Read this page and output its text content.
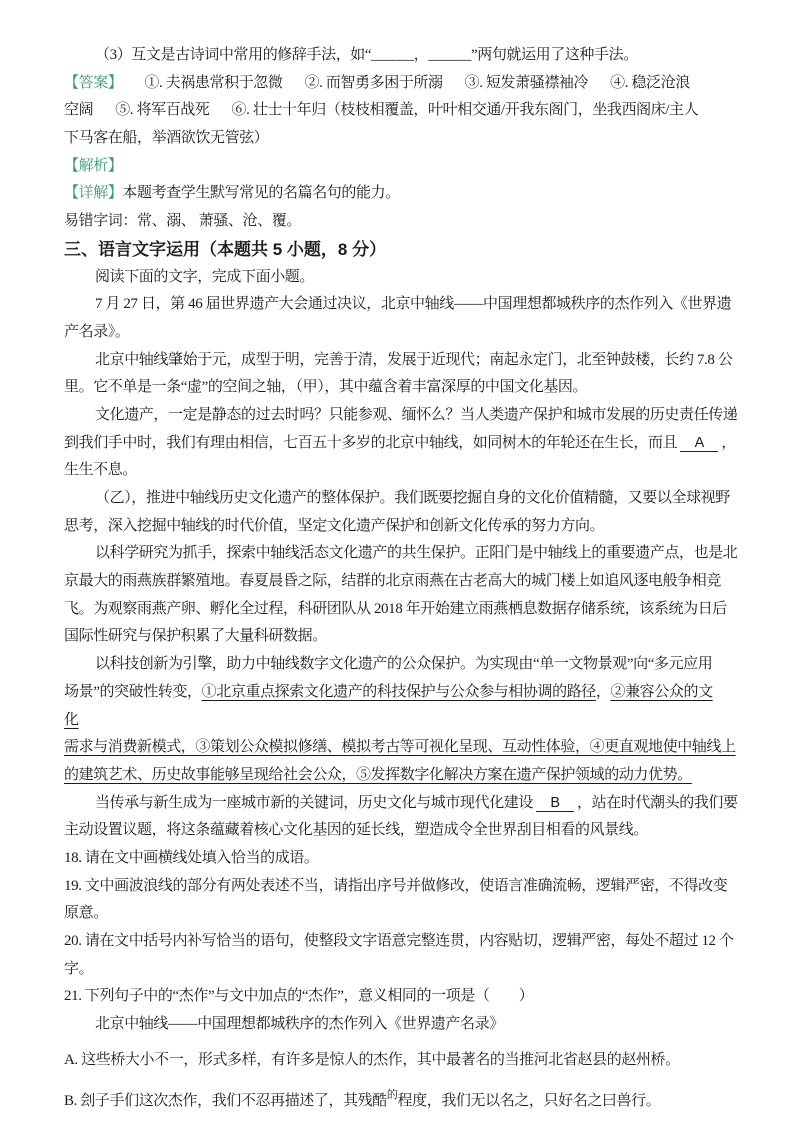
（3）互文是古诗词中常用的修辞手法，如“______，______”两句就运用了这种手法。
【答案】 ①. 夫祸患常积于忽微 ②. 而智勇多困于所溺 ③. 短发萧骚襟袖冷 ④. 稳泛沧浪
空阔 ⑤. 将军百战死 ⑥. 壮士十年归（枝枝相覆盖，叶叶相交通/开我东阁门，坐我西阁床/主人
下马客在船，举酒欲饮无管弦）
【解析】
【详解】本题考查学生默写常见的名篇名句的能力。
易错字词：常、溺、 萧骚、沧、覆。
三、语言文字运用（本题共 5 小题，8 分）
阅读下面的文字，完成下面小题。
7 月 27 日，第 46 届世界遗产大会通过决议，北京中轴线——中国理想都城秩序的杰作列入《世界遗
产名录》。
北京中轴线肇始于元，成型于明，完善于清，发展于近现代；南起永定门，北至钟鼓楼，长约 7.8 公
里。它不单是一条“虚”的空间之轴，（甲），其中蕴含着丰富深厚的中国文化基因。
文化遗产，一定是静态的过去时吗？只能参观、缅怀么？当人类遗产保护和城市发展的历史责任传递
到我们手中时，我们有理由相信，七百五十多岁的北京中轴线，如同树木的年轮还在生长，而且 A ，
生生不息。
（乙），推进中轴线历史文化遗产的整体保护。我们既要挖掘自身的文化价值精髓，又要以全球视野
思考，深入挖掘中轴线的时代价值，坚定文化遗产保护和创新文化传承的努力方向。
以科学研究为抓手，探索中轴线活态文化遗产的共生保护。正阳门是中轴线上的重要遗产点，也是北
京最大的雨燕族群繁殖地。春夏晨昏之际，结群的北京雨燕在古老高大的城门楼上如追风逐电般争相竞
飞。为观察雨燕产卵、孵化全过程，科研团队从 2018 年开始建立雨燕栖息数据存储系统，该系统为日后
国际性研究与保护积累了大量科研数据。
以科技创新为引擎，助力中轴线数字文化遗产的公众保护。为实现由“单一文物景观”向“多元应用
场景”的突破性转变，①北京重点探索文化遗产的科技保护与公众参与相协调的路径，②兼容公众的文
化
需求与消费新模式，③策划公众模拟修缮、模拟考古等可视化呈现、互动性体验，④更直观地使中轴线上
的建筑艺术、历史故事能够呈现给社会公众，⑤发挥数字化解决方案在遗产保护领域的动力优势。
当传承与新生成为一座城市新的关键词，历史文化与城市现代化建设 B ，站在时代潮头的我们要
主动设置议题，将这条蕴藏着核心文化基因的延长线，塑造成令全世界刮目相看的风景线。
18. 请在文中画横线处填入恰当的成语。
19. 文中画波浪线的部分有两处表述不当，请指出序号并做修改，使语言准确流畅，逻辑严密，不得改变
原意。
20. 请在文中括号内补写恰当的语句，使整段文字语意完整连贯，内容贴切，逻辑严密，每处不超过 12 个
字。
21. 下列句子中的“杰作”与文中加点的“杰作”，意义相同的一项是（　　）
北京中轴线——中国理想都城秩序的杰作列入《世界遗产名录》
A. 这些桥大小不一，形式多样，有许多是惊人的杰作，其中最著名的当推河北省赵县的赵州桥。
B. 刽子手们这次杰作，我们不忍再描述了，其残酷$^的$程度，我们无以名之，只好名之曰兽行。
